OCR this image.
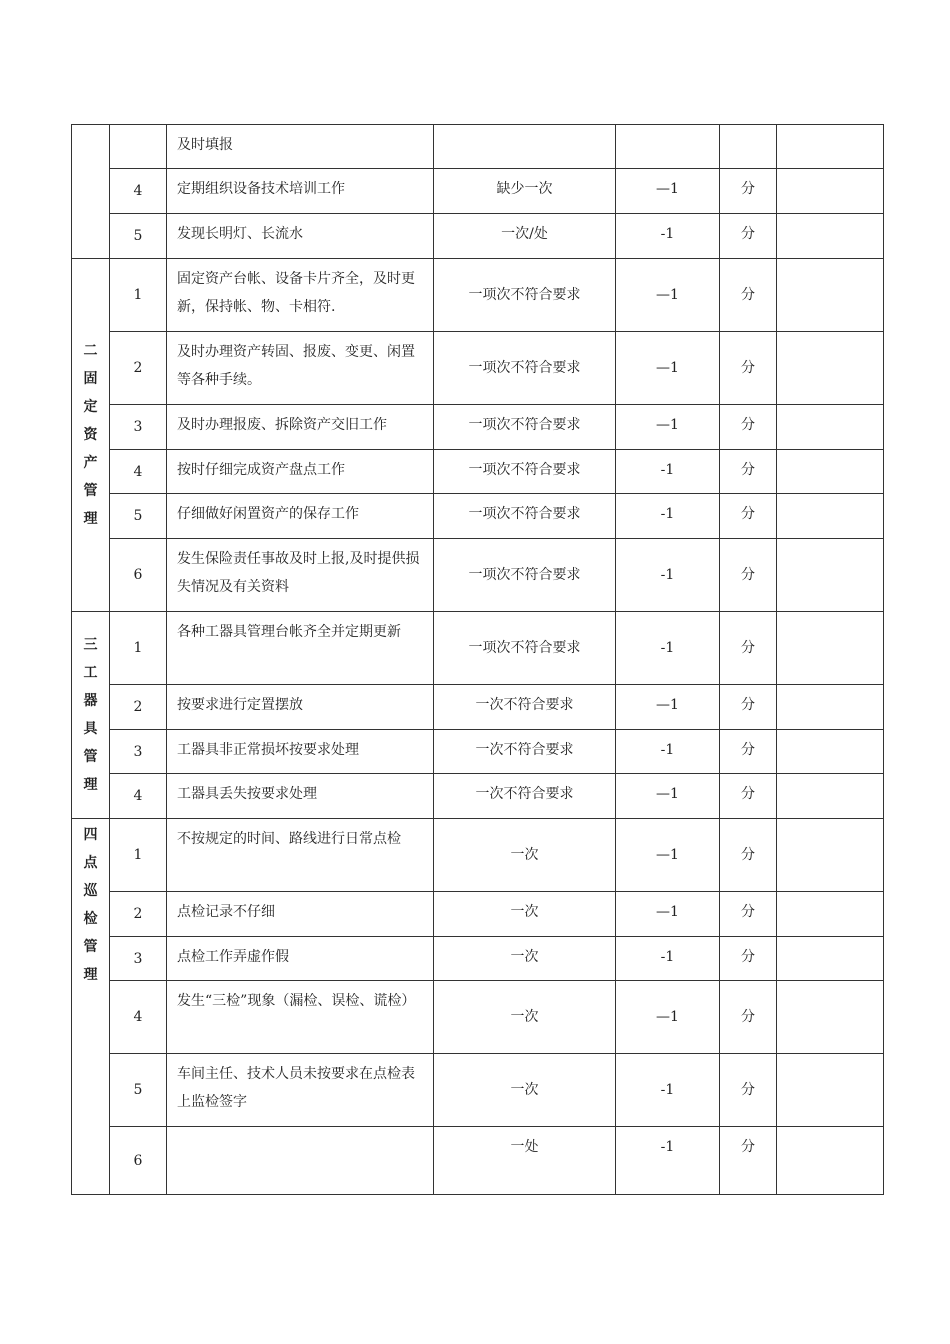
		及时填报				
	4	定期组织设备技术培训工作	缺少一次	—1	分	
	5	发现长明灯、长流水	一次/处	-1	分	
二固定资产管理	1	固定资产台帐、设备卡片齐全，及时更新，保持帐、物、卡相符.	一项次不符合要求	—1	分	
	2	及时办理资产转固、报废、变更、闲置等各种手续。	一项次不符合要求	—1	分	
	3	及时办理报废、拆除资产交旧工作	一项次不符合要求	—1	分	
	4	按时仔细完成资产盘点工作	一项次不符合要求	-1	分	
	5	仔细做好闲置资产的保存工作	一项次不符合要求	-1	分	
	6	发生保险责任事故及时上报,及时提供损失情况及有关资料	一项次不符合要求	-1	分	
三工器具管理	1	各种工器具管理台帐齐全并定期更新	一项次不符合要求	-1	分	
	2	按要求进行定置摆放	一次不符合要求	—1	分	
	3	工器具非正常损坏按要求处理	一次不符合要求	-1	分	
	4	工器具丢失按要求处理	一次不符合要求	—1	分	
四点巡检管理	1	不按规定的时间、路线进行日常点检	一次	—1	分	
	2	点检记录不仔细	一次	—1	分	
	3	点检工作弄虚作假	一次	-1	分	
	4	发生“三检”现象（漏检、误检、谎检）	一次	—1	分	
	5	车间主任、技术人员未按要求在点检表上监检签字	一次	-1	分	
	6		一处	-1	分	
